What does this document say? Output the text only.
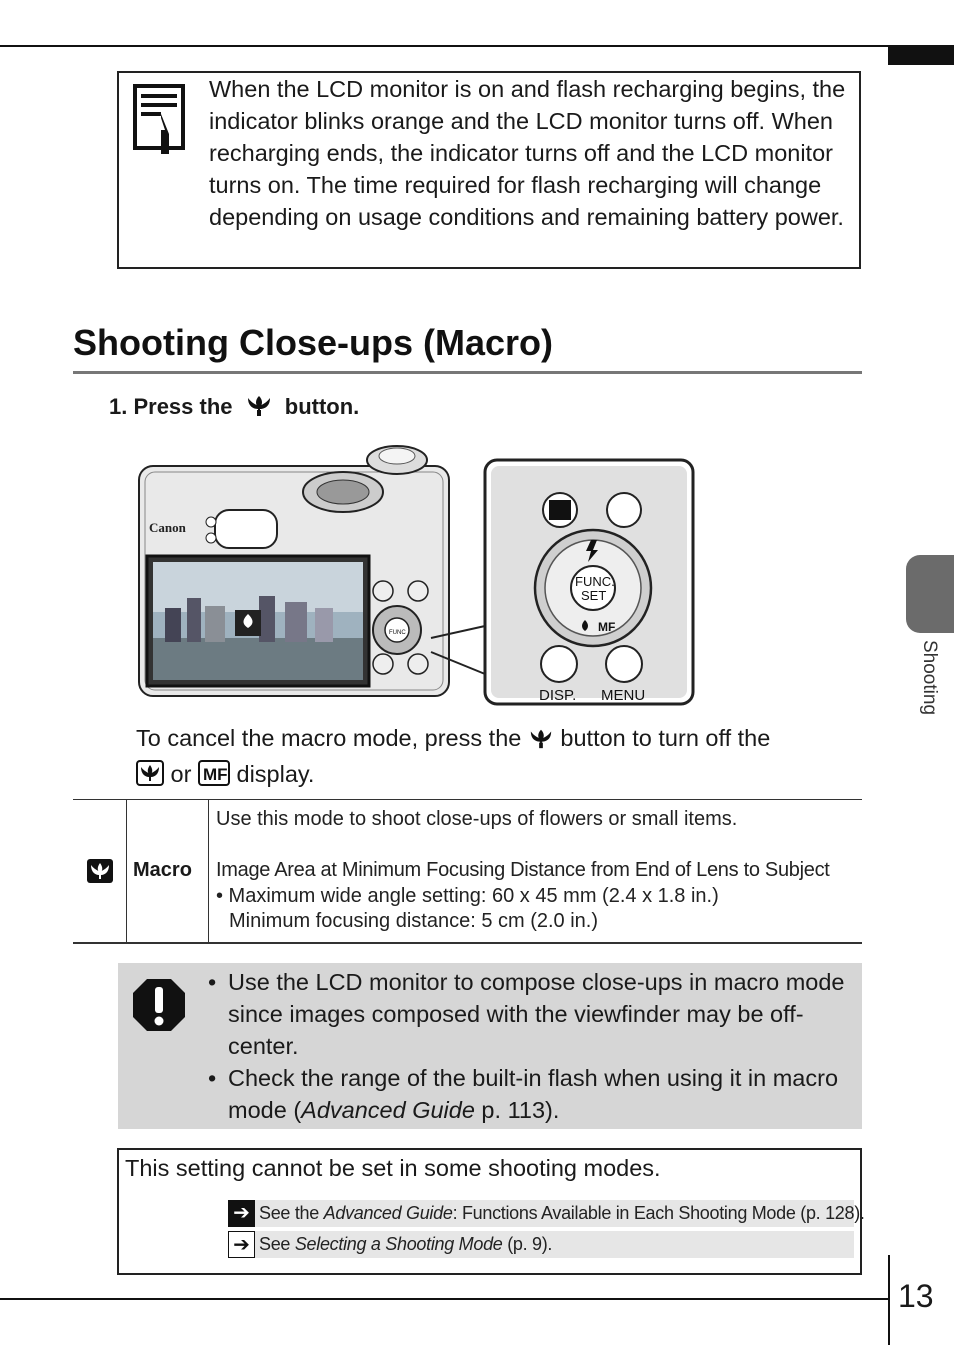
Shooting
13
When the LCD monitor is on and flash recharging begins, the indicator blinks orange and the LCD monitor turns off. When recharging ends, the indicator turns off and the LCD monitor turns on. The time required for flash recharging will change depending on usage conditions and remaining battery power.
Shooting Close-ups (Macro)
1. Press the button.
Canon
FUNC
FUNC.
SET
MF
DISP. MENU
To cancel the macro mode, press the button to turn off the
or MF display.
Macro
Use this mode to shoot close-ups of flowers or small items.
Image Area at Minimum Focusing Distance from End of Lens to Subject
• Maximum wide angle setting: 60 x 45 mm (2.4 x 1.8 in.)
Minimum focusing distance: 5 cm (2.0 in.)
• Use the LCD monitor to compose close-ups in macro mode since images composed with the viewfinder may be off-center.
• Check the range of the built-in flash when using it in macro mode (Advanced Guide p. 113).
This setting cannot be set in some shooting modes.
➔ See the Advanced Guide: Functions Available in Each Shooting Mode (p. 128).
➔ See Selecting a Shooting Mode (p. 9).
